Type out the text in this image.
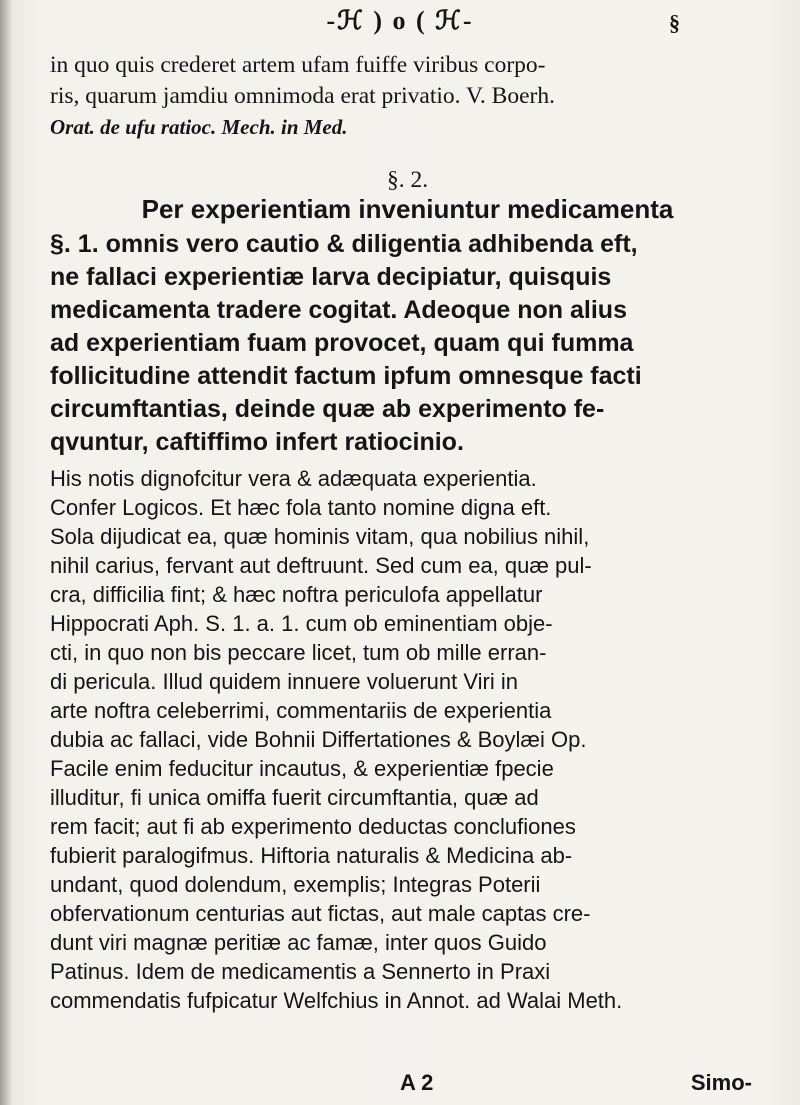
-ℋ ) o ( ℋ-	§
in quo quis crederet artem ufam fuiffe viribus corpo-
ris, quarum jamdiu omnimoda erat privatio. V. Boerh.
Orat. de ufu ratioc. Mech. in Med.
§. 2.
Per experientiam inveniuntur medicamenta
§. 1. omnis vero cautio & diligentia adhibenda eft,
ne fallaci experientiæ larva decipiatur, quisquis
medicamenta tradere cogitat. Adeoque non alius
ad experientiam fuam provocet, quam qui fumma
follicitudine attendit factum ipfum omnesque facti
circumftantias, deinde quæ ab experimento fe-
qvuntur, caftiffimo infert ratiocinio.
His notis dignofcitur vera & adæquata experientia.
Confer Logicos. Et hæc fola tanto nomine digna eft.
Sola dijudicat ea, quæ hominis vitam, qua nobilius nihil,
nihil carius, fervant aut deftruunt. Sed cum ea, quæ pul-
cra, difficilia fint; & hæc noftra periculofa appellatur
Hippocrati Aph. S. 1. a. 1. cum ob eminentiam obje-
cti, in quo non bis peccare licet, tum ob mille erran-
di pericula. Illud quidem innuere voluerunt Viri in
arte noftra celeberrimi, commentariis de experientia
dubia ac fallaci, vide Bohnii Differtationes & Boylæi Op.
Facile enim feducitur incautus, & experientiæ fpecie
illuditur, fi unica omiffa fuerit circumftantia, quæ ad
rem facit; aut fi ab experimento deductas conclufiones
fubierit paralogifmus. Hiftoria naturalis & Medicina ab-
undant, quod dolendum, exemplis; Integras Poterii
obfervationum centurias aut fictas, aut male captas cre-
dunt viri magnæ peritiæ ac famæ, inter quos Guido
Patinus. Idem de medicamentis a Sennerto in Praxi
commendatis fufpicatur Welfchius in Annot. ad Walai Meth.
A 2	Simo-
